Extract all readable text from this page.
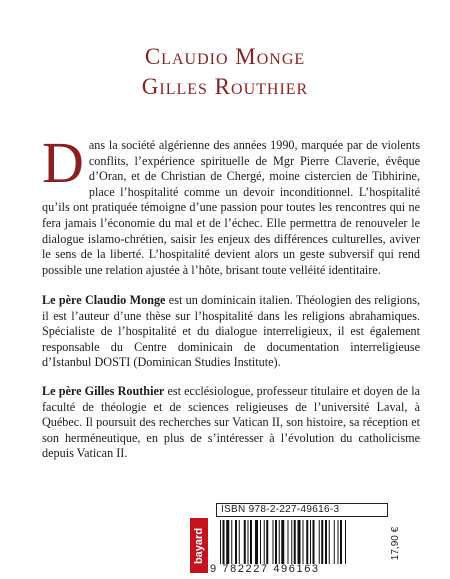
Claudio Monge
Gilles Routhier
Dans la société algérienne des années 1990, marquée par de violents conflits, l’expérience spirituelle de Mgr Pierre Claverie, évêque d’Oran, et de Christian de Chergé, moine cistercien de Tibhirine, place l’hospitalité comme un devoir inconditionnel. L’hospitalité qu’ils ont pratiquée témoigne d’une passion pour toutes les rencontres qui ne fera jamais l’économie du mal et de l’échec. Elle permettra de renouveler le dialogue islamo-chrétien, saisir les enjeux des différences culturelles, aviver le sens de la liberté. L’hospitalité devient alors un geste subversif qui rend possible une relation ajustée à l’hôte, brisant toute velléité identitaire.
Le père Claudio Monge est un dominicain italien. Théologien des religions, il est l’auteur d’une thèse sur l’hospitalité dans les religions abrahamiques. Spécialiste de l’hospitalité et du dialogue interreligieux, il est également responsable du Centre dominicain de documentation interreligieuse d’Istanbul DOSTI (Dominican Studies Institute).
Le père Gilles Routhier est ecclésiologue, professeur titulaire et doyen de la faculté de théologie et de sciences religieuses de l’université Laval, à Québec. Il poursuit des recherches sur Vatican II, son histoire, sa réception et son herméneutique, en plus de s’intéresser à l’évolution du catholicisme depuis Vatican II.
ISBN 978-2-227-49616-3
bayard
9 782227 496163
17,90 €
